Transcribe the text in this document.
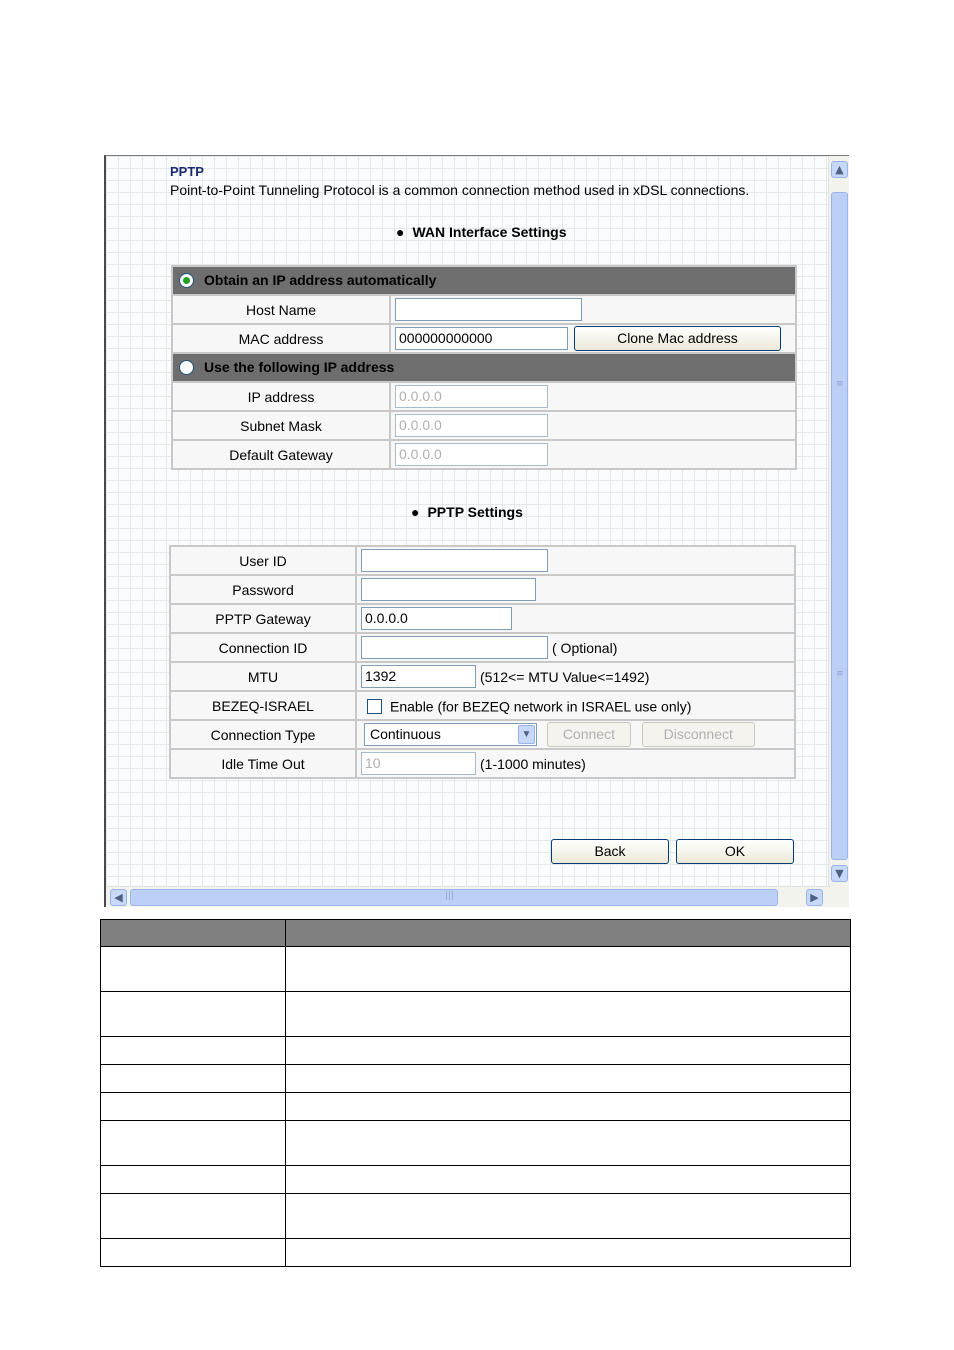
PPTP
Point-to-Point Tunneling Protocol is a common connection method used in xDSL connections.
● WAN Interface Settings
Obtain an IP address automatically	
Host Name	
MAC address	000000000000 Clone Mac address
Use the following IP address	
IP address	0.0.0.0
Subnet Mask	0.0.0.0
Default Gateway	0.0.0.0
● PPTP Settings
User ID	
Password	
PPTP Gateway	0.0.0.0
Connection ID	( Optional)
MTU	1392 (512<= MTU Value<=1492)
BEZEQ-ISRAEL	Enable (for BEZEQ network in ISRAEL use only)
Connection Type	Continuous ▼ Connect Disconnect
Idle Time Out	10 (1-1000 minutes)
Back	OK
▲
≡
≡
▼
◀	|||	▶
